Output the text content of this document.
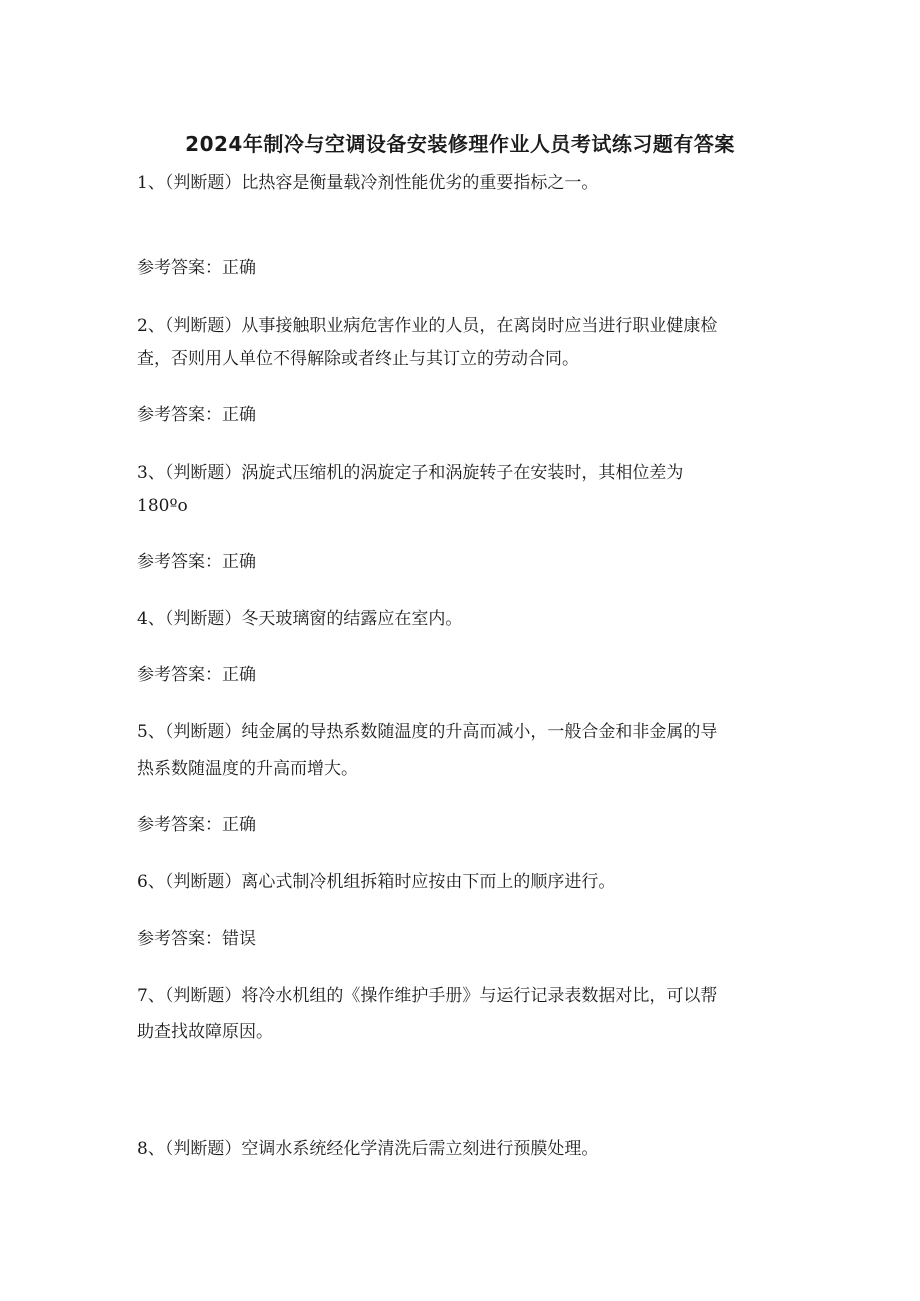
2024年制冷与空调设备安装修理作业人员考试练习题有答案
1、（判断题）比热容是衡量载冷剂性能优劣的重要指标之一。
参考答案：正确
2、（判断题）从事接触职业病危害作业的人员，在离岗时应当进行职业健康检
查，否则用人单位不得解除或者终止与其订立的劳动合同。
参考答案：正确
3、（判断题）涡旋式压缩机的涡旋定子和涡旋转子在安装时，其相位差为
180ºo
参考答案：正确
4、（判断题）冬天玻璃窗的结露应在室内。
参考答案：正确
5、（判断题）纯金属的导热系数随温度的升高而减小，一般合金和非金属的导
热系数随温度的升高而增大。
参考答案：正确
6、（判断题）离心式制冷机组拆箱时应按由下而上的顺序进行。
参考答案：错误
7、（判断题）将冷水机组的《操作维护手册》与运行记录表数据对比，可以帮
助查找故障原因。
8、（判断题）空调水系统经化学清洗后需立刻进行预膜处理。
